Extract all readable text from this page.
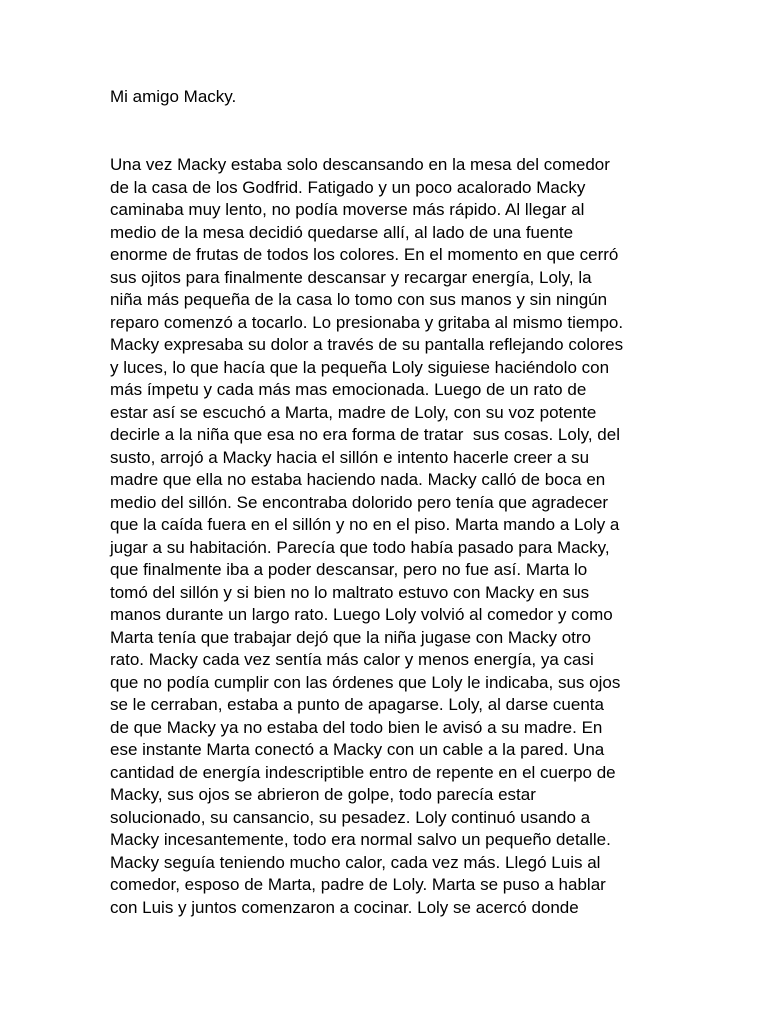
Mi amigo Macky.
Una vez Macky estaba solo descansando en la mesa del comedor
de la casa de los Godfrid. Fatigado y un poco acalorado Macky
caminaba muy lento, no podía moverse más rápido. Al llegar al
medio de la mesa decidió quedarse allí, al lado de una fuente
enorme de frutas de todos los colores. En el momento en que cerró
sus ojitos para finalmente descansar y recargar energía, Loly, la
niña más pequeña de la casa lo tomo con sus manos y sin ningún
reparo comenzó a tocarlo. Lo presionaba y gritaba al mismo tiempo.
Macky expresaba su dolor a través de su pantalla reflejando colores
y luces, lo que hacía que la pequeña Loly siguiese haciéndolo con
más ímpetu y cada más mas emocionada. Luego de un rato de
estar así se escuchó a Marta, madre de Loly, con su voz potente
decirle a la niña que esa no era forma de tratar  sus cosas. Loly, del
susto, arrojó a Macky hacia el sillón e intento hacerle creer a su
madre que ella no estaba haciendo nada. Macky calló de boca en
medio del sillón. Se encontraba dolorido pero tenía que agradecer
que la caída fuera en el sillón y no en el piso. Marta mando a Loly a
jugar a su habitación. Parecía que todo había pasado para Macky,
que finalmente iba a poder descansar, pero no fue así. Marta lo
tomó del sillón y si bien no lo maltrato estuvo con Macky en sus
manos durante un largo rato. Luego Loly volvió al comedor y como
Marta tenía que trabajar dejó que la niña jugase con Macky otro
rato. Macky cada vez sentía más calor y menos energía, ya casi
que no podía cumplir con las órdenes que Loly le indicaba, sus ojos
se le cerraban, estaba a punto de apagarse. Loly, al darse cuenta
de que Macky ya no estaba del todo bien le avisó a su madre. En
ese instante Marta conectó a Macky con un cable a la pared. Una
cantidad de energía indescriptible entro de repente en el cuerpo de
Macky, sus ojos se abrieron de golpe, todo parecía estar
solucionado, su cansancio, su pesadez. Loly continuó usando a
Macky incesantemente, todo era normal salvo un pequeño detalle.
Macky seguía teniendo mucho calor, cada vez más. Llegó Luis al
comedor, esposo de Marta, padre de Loly. Marta se puso a hablar
con Luis y juntos comenzaron a cocinar. Loly se acercó donde
